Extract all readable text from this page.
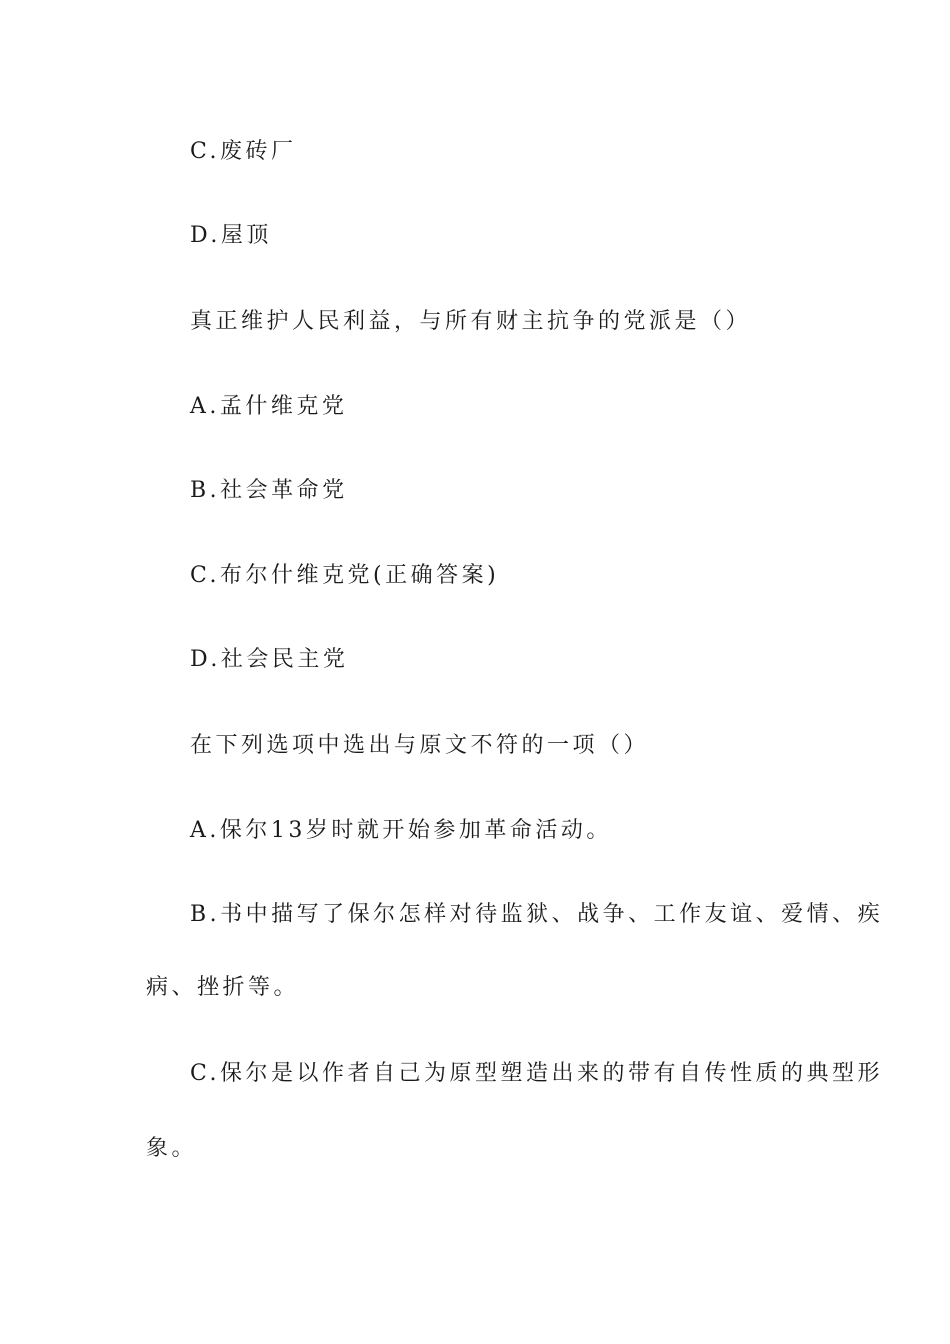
C.废砖厂
D.屋顶
真正维护人民利益，与所有财主抗争的党派是（）
A.孟什维克党
B.社会革命党
C.布尔什维克党(正确答案)
D.社会民主党
在下列选项中选出与原文不符的一项（）
A.保尔13岁时就开始参加革命活动。
B.书中描写了保尔怎样对待监狱、战争、工作友谊、爱情、疾
病、挫折等。
C.保尔是以作者自己为原型塑造出来的带有自传性质的典型形
象。
